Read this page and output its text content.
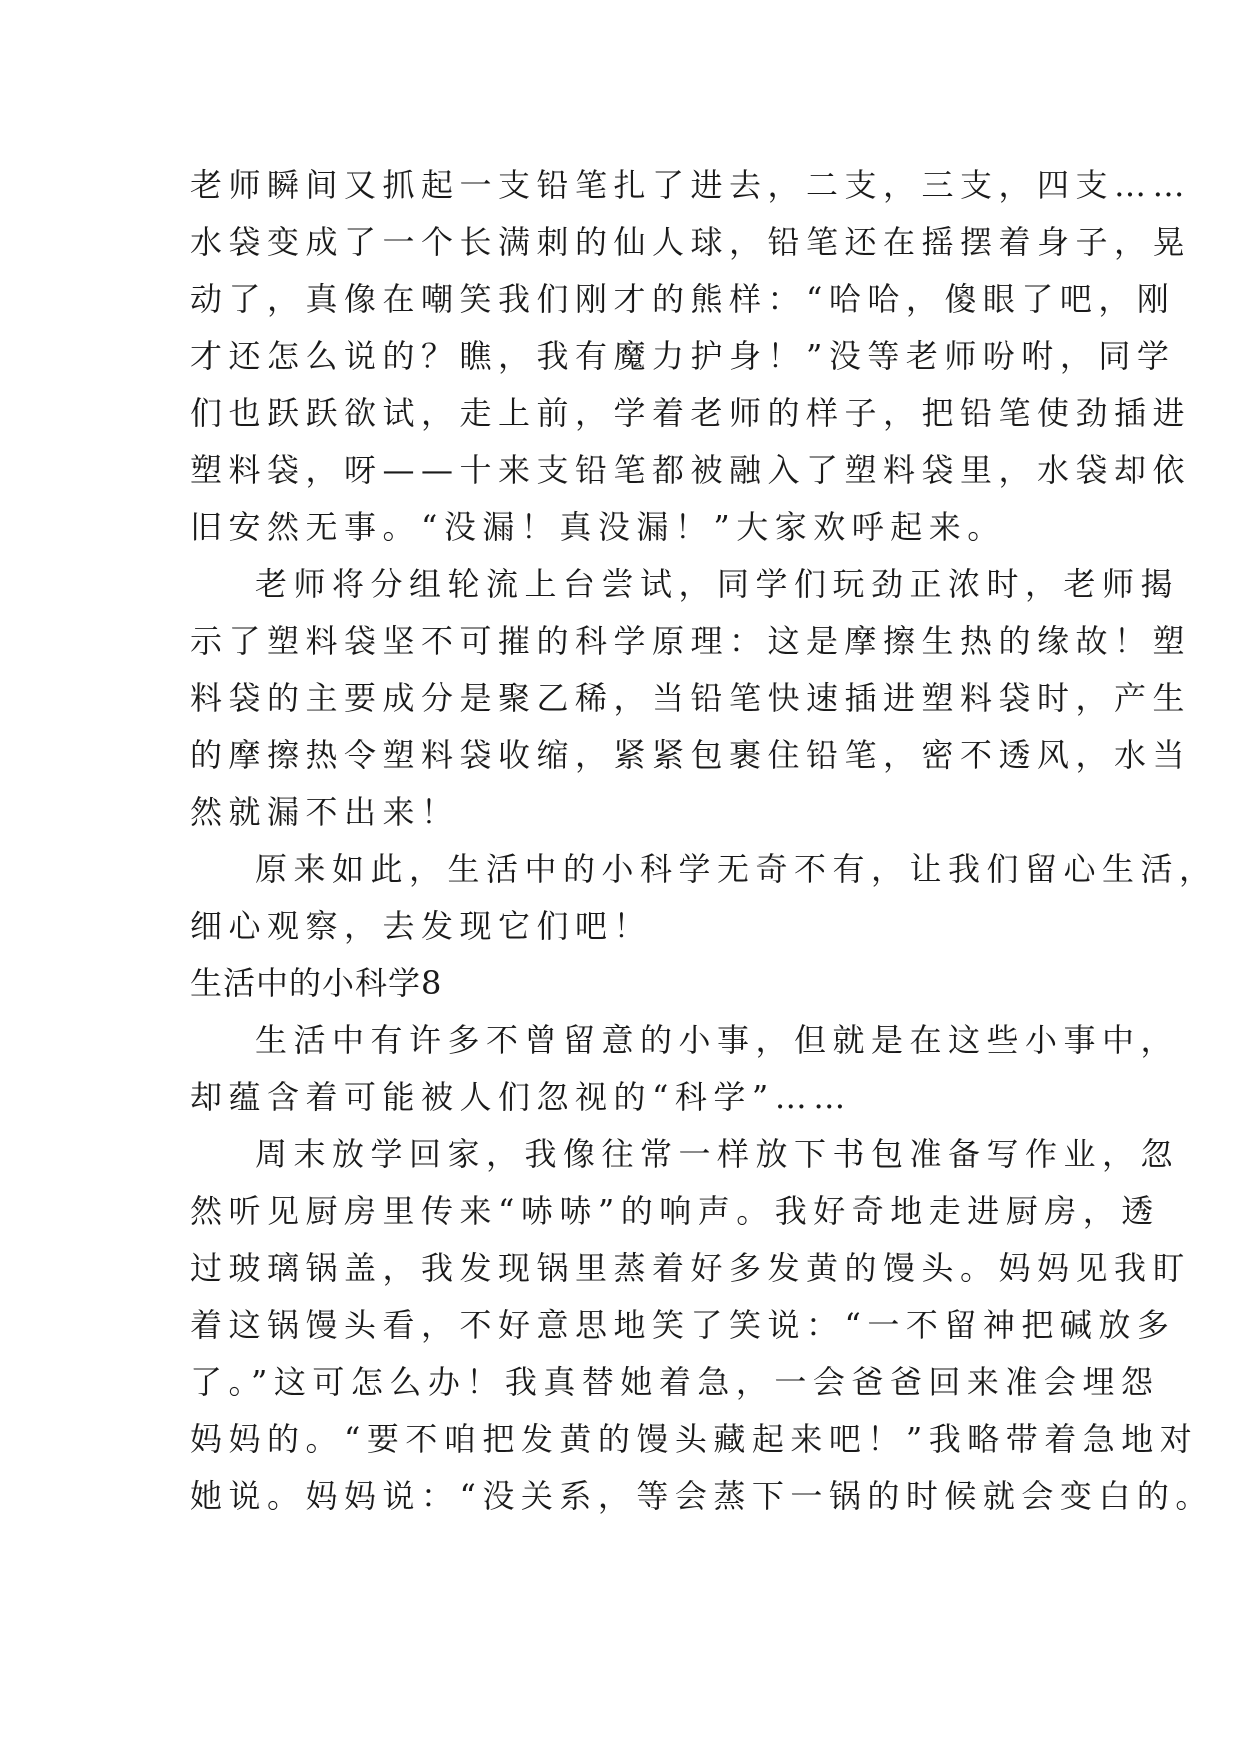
老师瞬间又抓起一支铅笔扎了进去，二支，三支，四支……
水袋变成了一个长满刺的仙人球，铅笔还在摇摆着身子，晃
动了，真像在嘲笑我们刚才的熊样：“哈哈，傻眼了吧，刚
才还怎么说的？瞧，我有魔力护身！”没等老师吩咐，同学
们也跃跃欲试，走上前，学着老师的样子，把铅笔使劲插进
塑料袋，呀——十来支铅笔都被融入了塑料袋里，水袋却依
旧安然无事。“没漏！真没漏！”大家欢呼起来。
老师将分组轮流上台尝试，同学们玩劲正浓时，老师揭
示了塑料袋坚不可摧的科学原理：这是摩擦生热的缘故！塑
料袋的主要成分是聚乙稀，当铅笔快速插进塑料袋时，产生
的摩擦热令塑料袋收缩，紧紧包裹住铅笔，密不透风，水当
然就漏不出来！
原来如此，生活中的小科学无奇不有，让我们留心生活，
细心观察，去发现它们吧！
生活中的小科学8
生活中有许多不曾留意的小事，但就是在这些小事中，
却蕴含着可能被人们忽视的“科学”……
周末放学回家，我像往常一样放下书包准备写作业，忽
然听见厨房里传来“哧哧”的响声。我好奇地走进厨房，透
过玻璃锅盖，我发现锅里蒸着好多发黄的馒头。妈妈见我盯
着这锅馒头看，不好意思地笑了笑说：“一不留神把碱放多
了。”这可怎么办！我真替她着急，一会爸爸回来准会埋怨
妈妈的。“要不咱把发黄的馒头藏起来吧！”我略带着急地对
她说。妈妈说：“没关系，等会蒸下一锅的时候就会变白的。
